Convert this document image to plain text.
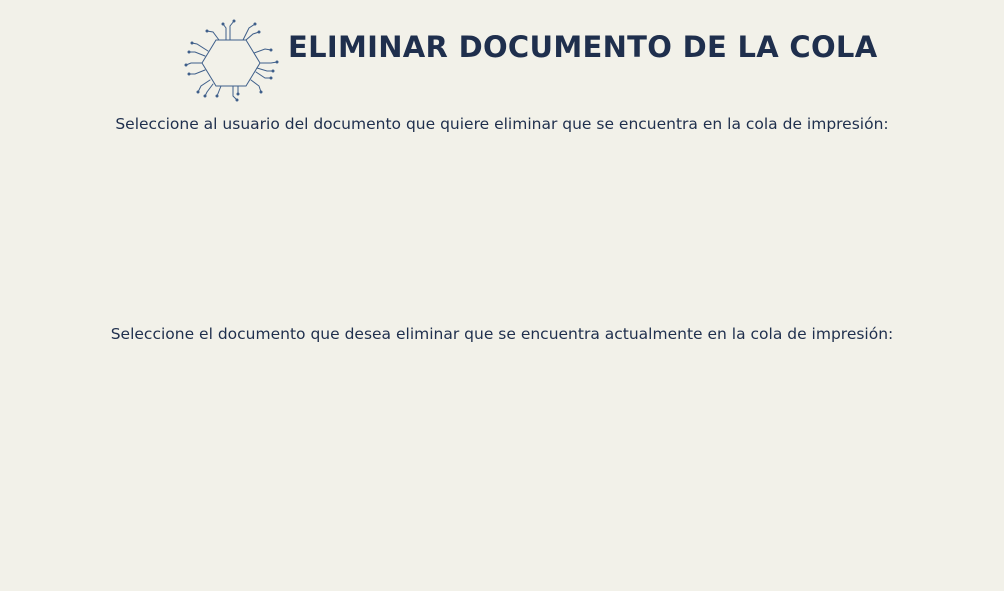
ELIMINAR DOCUMENTO DE LA COLA

Seleccione al usuario del documento que quiere eliminar que se encuentra en la cola de impresión:

Seleccione el documento que desea eliminar que se encuentra actualmente en la cola de impresión:
